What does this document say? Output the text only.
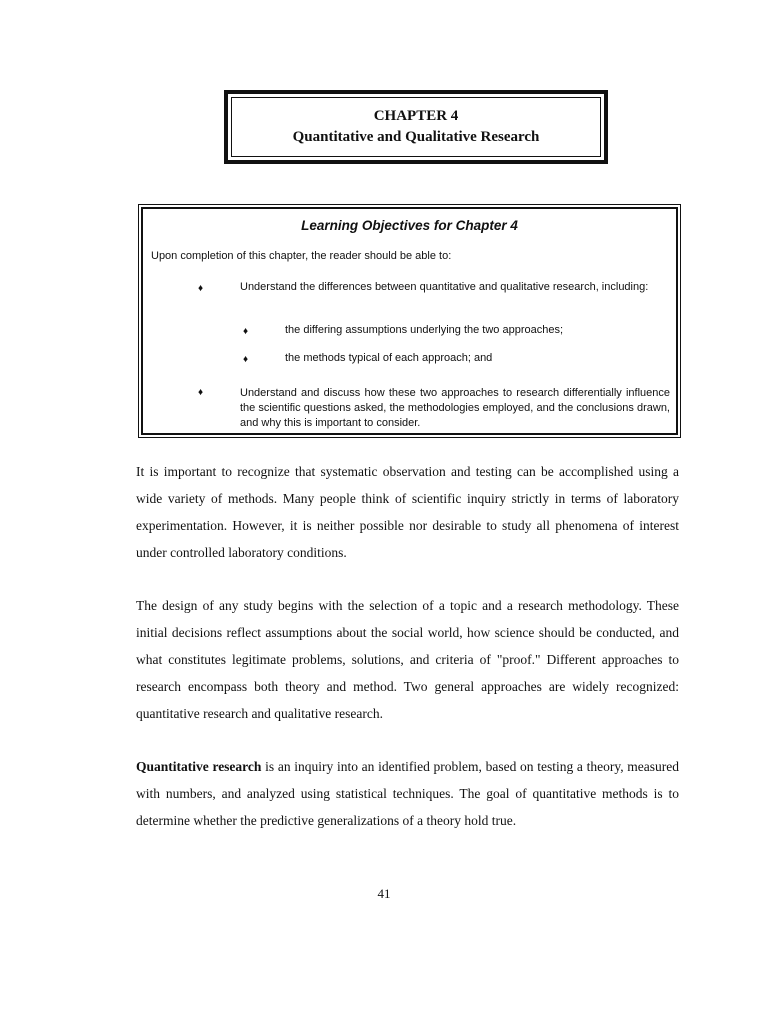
CHAPTER 4
Quantitative and Qualitative Research
Learning Objectives for Chapter 4
Upon completion of this chapter, the reader should be able to:
♦	Understand the differences between quantitative and qualitative research, including:
♦	the differing assumptions underlying the two approaches;
♦	the methods typical of each approach; and
♦	Understand and discuss how these two approaches to research differentially influence the scientific questions asked, the methodologies employed, and the conclusions drawn, and why this is important to consider.

It is important to recognize that systematic observation and testing can be accomplished using a wide variety of methods. Many people think of scientific inquiry strictly in terms of laboratory experimentation. However, it is neither possible nor desirable to study all phenomena of interest under controlled laboratory conditions.

The design of any study begins with the selection of a topic and a research methodology. These initial decisions reflect assumptions about the social world, how science should be conducted, and what constitutes legitimate problems, solutions, and criteria of "proof." Different approaches to research encompass both theory and method. Two general approaches are widely recognized: quantitative research and qualitative research.

Quantitative research is an inquiry into an identified problem, based on testing a theory, measured with numbers, and analyzed using statistical techniques. The goal of quantitative methods is to determine whether the predictive generalizations of a theory hold true.

41
